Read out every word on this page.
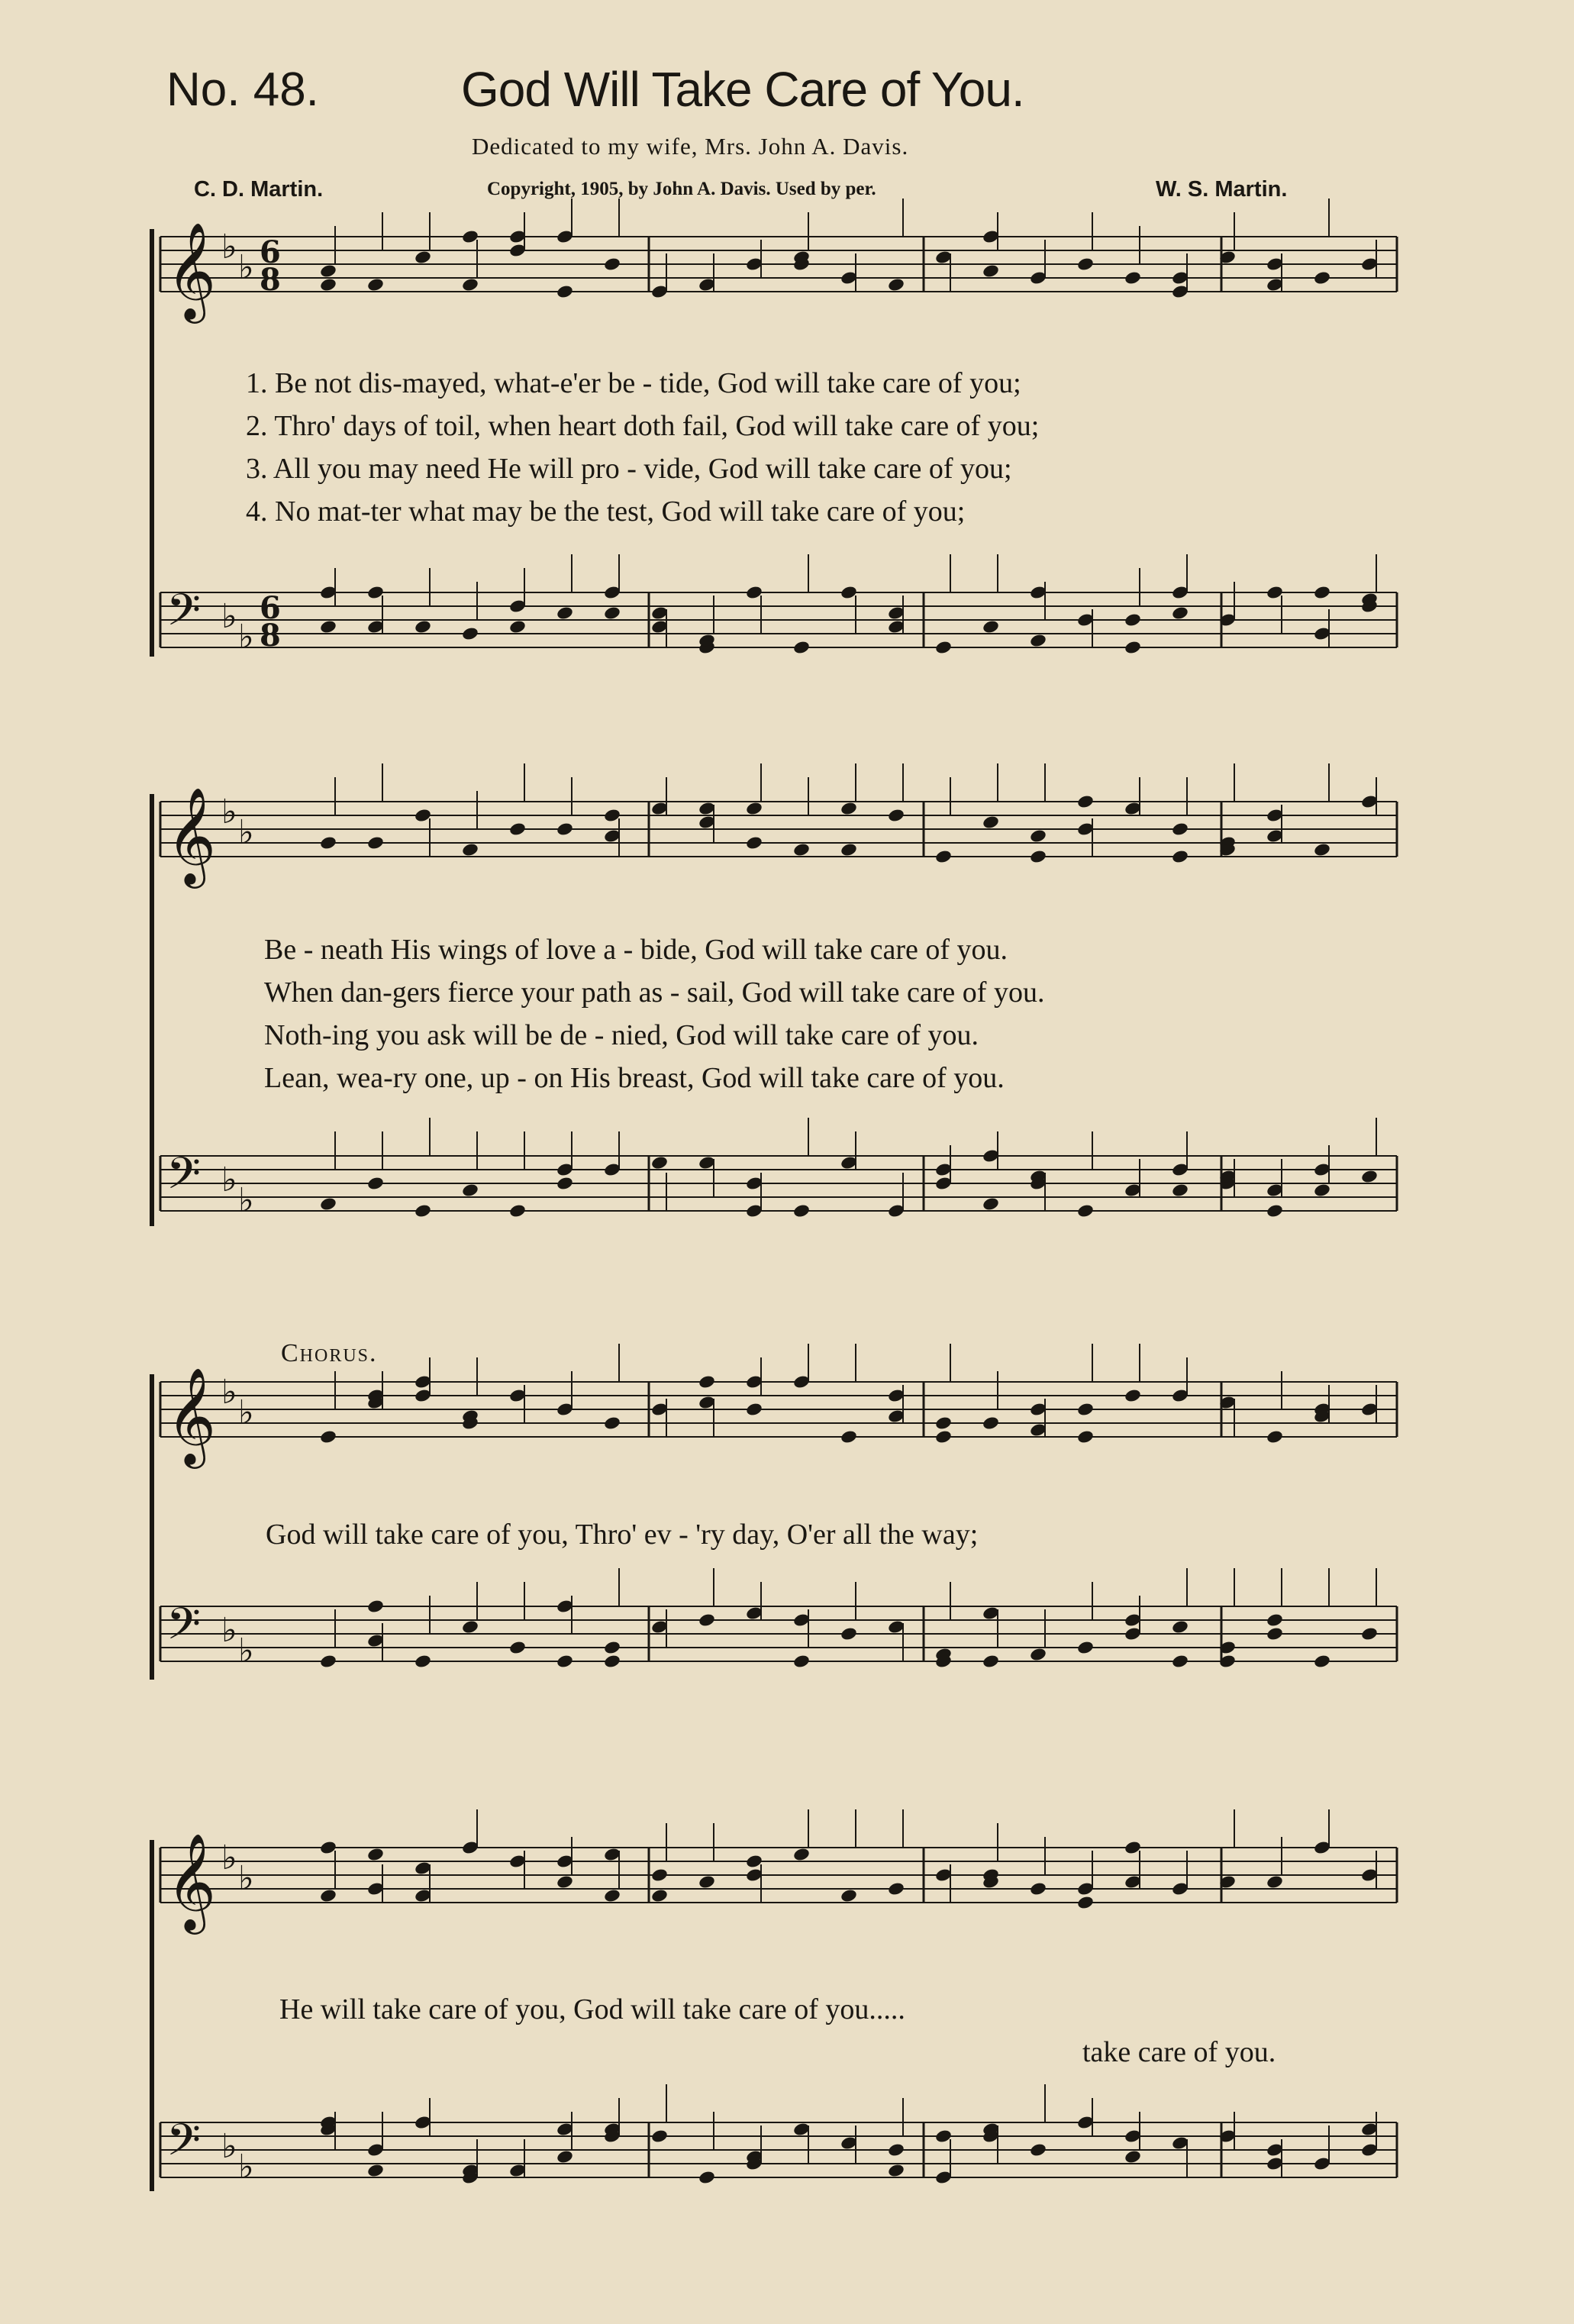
No. 48.	God Will Take Care of You.
Dedicated to my wife, Mrs. John A. Davis.
C. D. Martin.	Copyright, 1905, by John A. Davis. Used by per.	W. S. Martin.
𝄞 ♭
♭ 6
8
𝄢 ♭
♭
6
8
1. Be not dis-mayed, what-e'er be - tide, God will take care of you;
2. Thro' days of toil, when heart doth fail, God will take care of you;
3. All you may need He will pro - vide, God will take care of you;
4. No mat-ter what may be the test, God will take care of you;
𝄞 ♭
♭
𝄢 ♭
♭
Be - neath His wings of love a - bide, God will take care of you.
When dan-gers fierce your path as - sail, God will take care of you.
Noth-ing you ask will be de - nied, God will take care of you.
Lean, wea-ry one, up - on His breast, God will take care of you.
Chorus.
𝄞 ♭
♭
𝄢 ♭
♭
God will take care of you, Thro' ev - 'ry day, O'er all the way;
𝄞 ♭
♭
𝄢 ♭
♭
He will take care of you, God will take care of you.....
take care of you.
